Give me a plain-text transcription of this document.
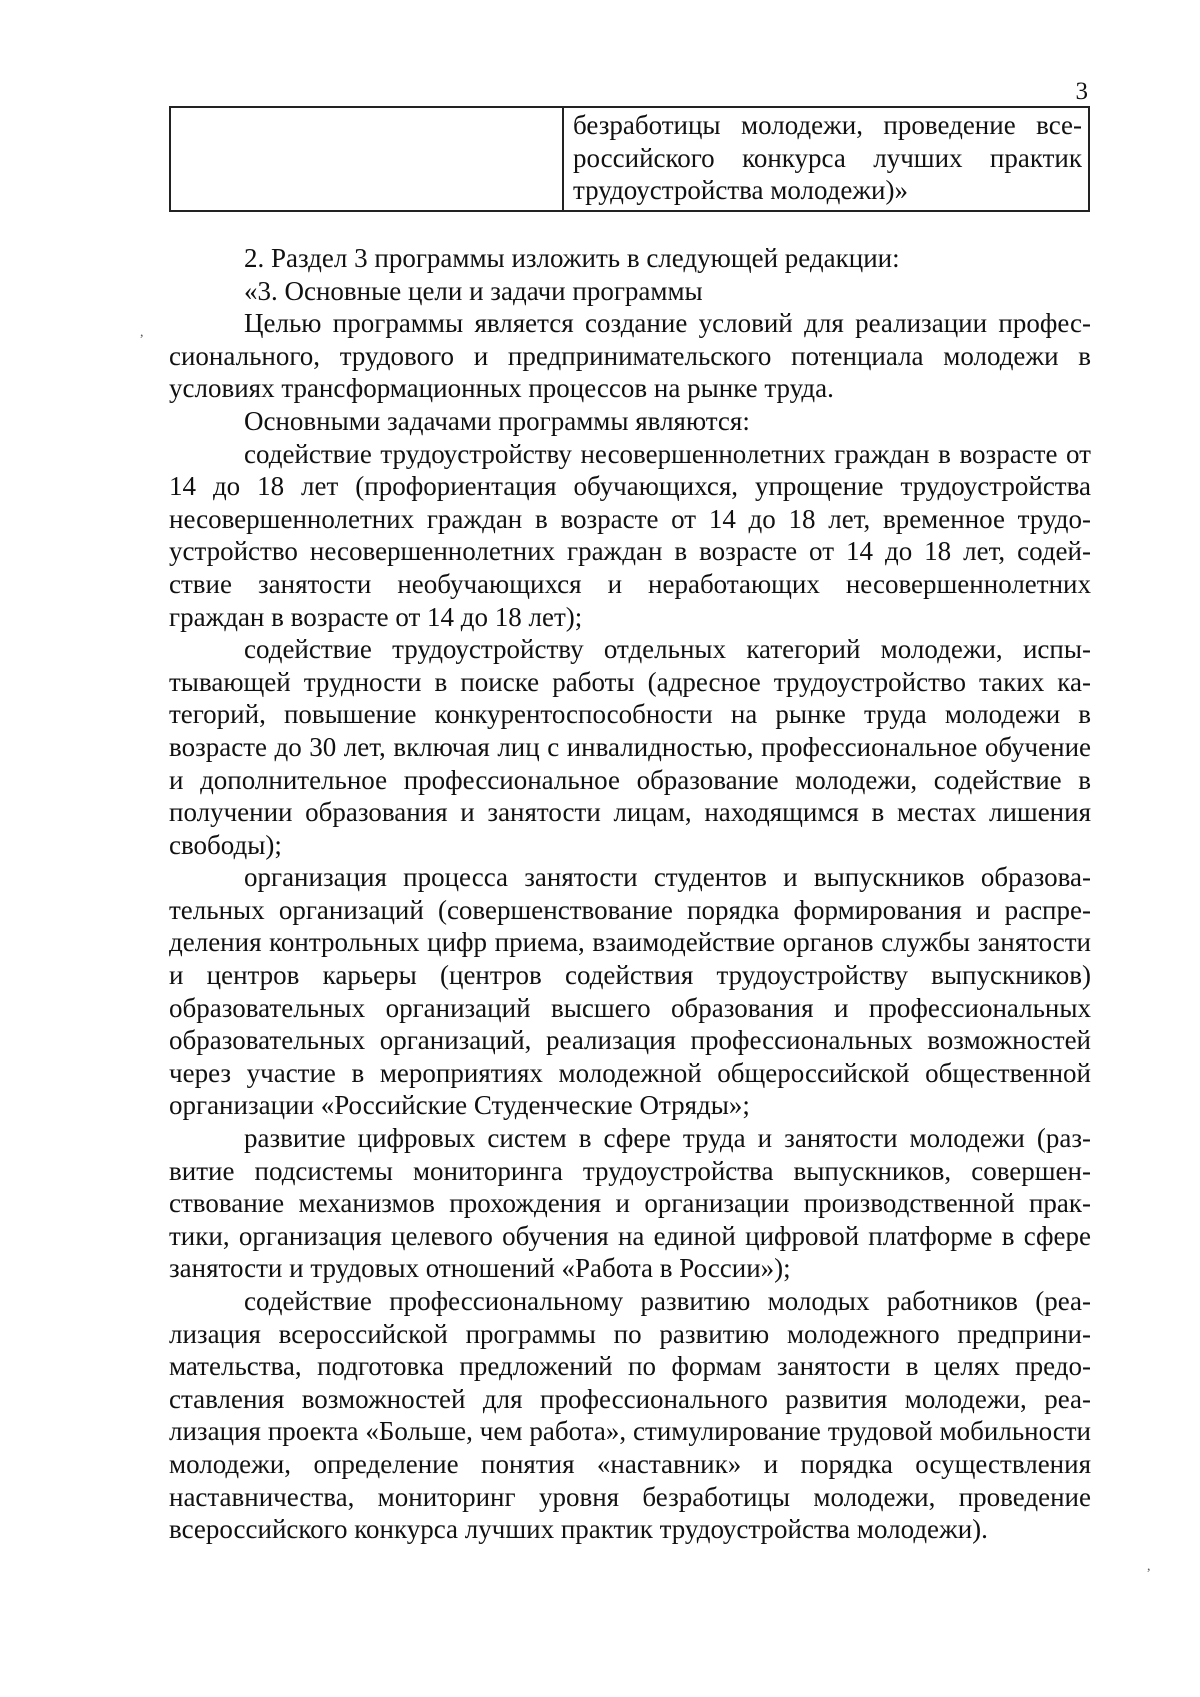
3
	безработицы молодежи, проведение всероссийского конкурса лучших практик трудоустройства молодежи)»

2. Раздел 3 программы изложить в следующей редакции:

«3. Основные цели и задачи программы

Целью программы является создание условий для реализации профессионального, трудового и предпринимательского потенциала молодежи в условиях трансформационных процессов на рынке труда.

Основными задачами программы являются:

содействие трудоустройству несовершеннолетних граждан в возрасте от 14 до 18 лет (профориентация обучающихся, упрощение трудоустройства несовершеннолетних граждан в возрасте от 14 до 18 лет, временное трудоустройство несовершеннолетних граждан в возрасте от 14 до 18 лет, содействие занятости необучающихся и неработающих несовершеннолетних граждан в возрасте от 14 до 18 лет);

содействие трудоустройству отдельных категорий молодежи, испытывающей трудности в поиске работы (адресное трудоустройство таких категорий, повышение конкурентоспособности на рынке труда молодежи в возрасте до 30 лет, включая лиц с инвалидностью, профессиональное обучение и дополнительное профессиональное образование молодежи, содействие в получении образования и занятости лицам, находящимся в местах лишения свободы);

организация процесса занятости студентов и выпускников образовательных организаций (совершенствование порядка формирования и распределения контрольных цифр приема, взаимодействие органов службы занятости и центров карьеры (центров содействия трудоустройству выпускников) образовательных организаций высшего образования и профессиональных образовательных организаций, реализация профессиональных возможностей через участие в мероприятиях молодежной общероссийской общественной организации «Российские Студенческие Отряды»;

развитие цифровых систем в сфере труда и занятости молодежи (развитие подсистемы мониторинга трудоустройства выпускников, совершенствование механизмов прохождения и организации производственной практики, организация целевого обучения на единой цифровой платформе в сфере занятости и трудовых отношений «Работа в России»);

содействие профессиональному развитию молодых работников (реализация всероссийской программы по развитию молодежного предпринимательства, подготовка предложений по формам занятости в целях предоставления возможностей для профессионального развития молодежи, реализация проекта «Больше, чем работа», стимулирование трудовой мобильности молодежи, определение понятия «наставник» и порядка осуществления наставничества, мониторинг уровня безработицы молодежи, проведение всероссийского конкурса лучших практик трудоустройства молодежи).

,
,
